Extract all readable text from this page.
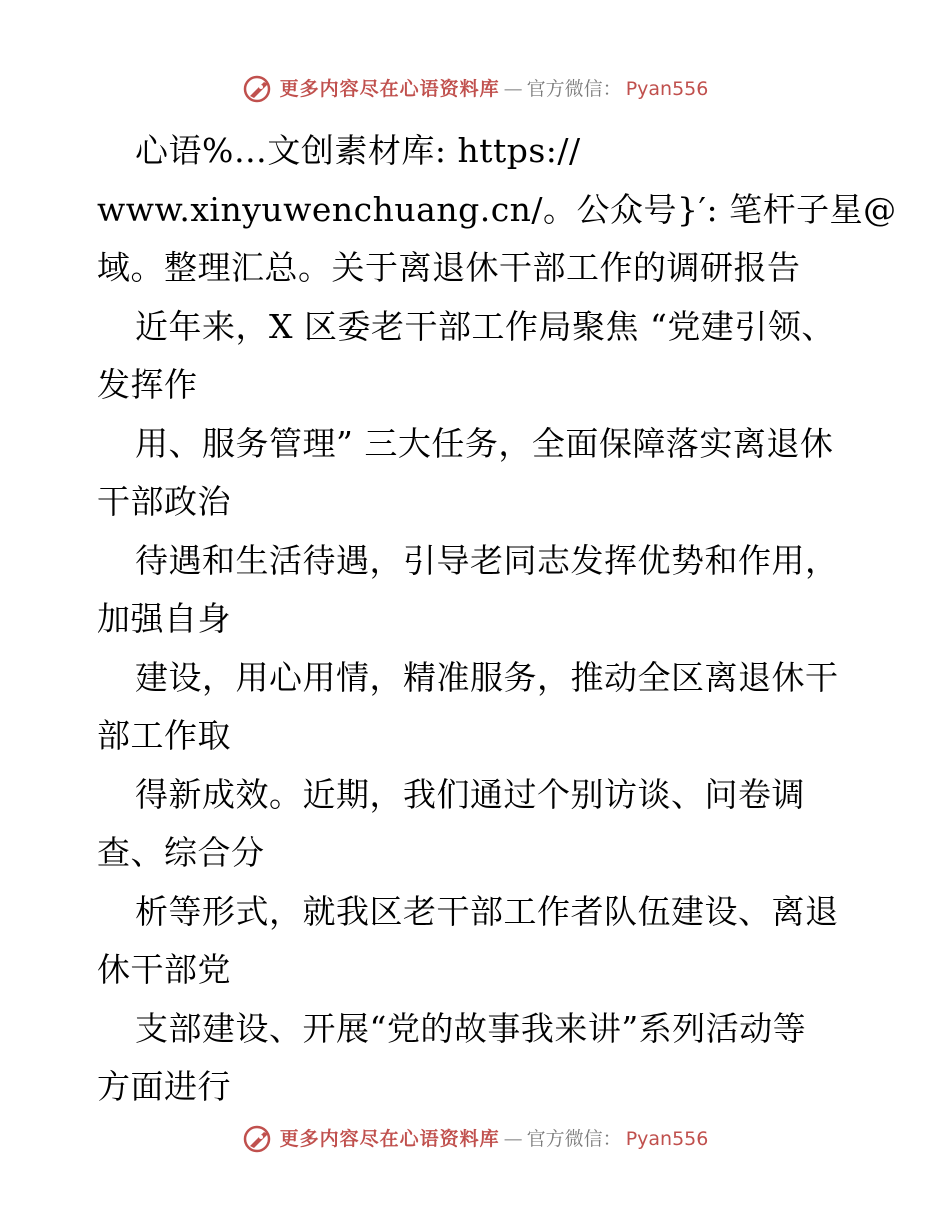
更多内容尽在心语资料库 — 官方微信： Pyan556
心语%…文创素材库: https://
www.xinyuwenchuang.cn/。公众号}′: 笔杆子星@
域。整理汇总。关于离退休干部工作的调研报告
近年来，X 区委老干部工作局聚焦 “党建引领、
发挥作
用、服务管理” 三大任务，全面保障落实离退休
干部政治
待遇和生活待遇，引导老同志发挥优势和作用，
加强自身
建设，用心用情，精准服务，推动全区离退休干
部工作取
得新成效。近期，我们通过个别访谈、问卷调
查、综合分
析等形式，就我区老干部工作者队伍建设、离退
休干部党
支部建设、开展“党的故事我来讲”系列活动等
方面进行
更多内容尽在心语资料库 — 官方微信： Pyan556
